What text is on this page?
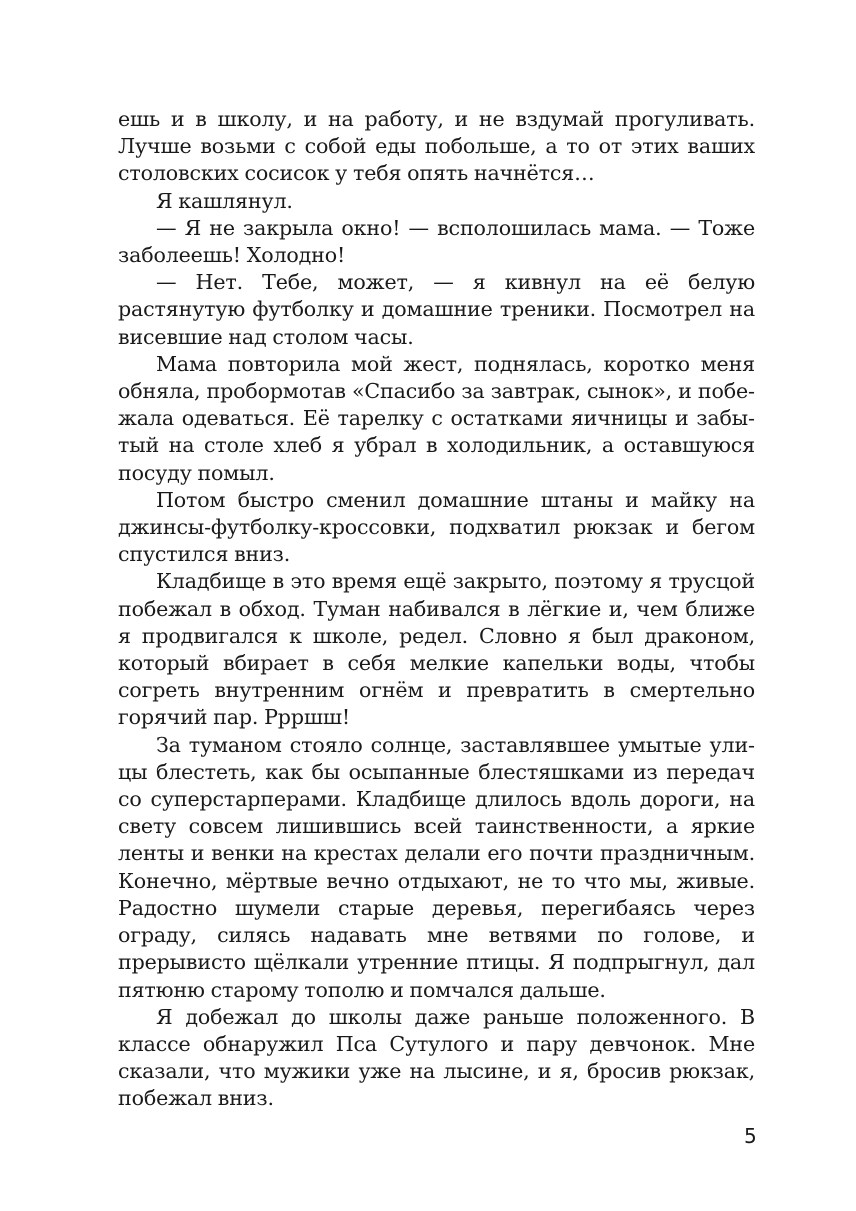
ешь и в школу, и на работу, и не вздумай прогуливать. Лучше возьми с собой еды побольше, а то от этих ваших столовских сосисок у тебя опять начнётся…

Я кашлянул.

— Я не закрыла окно! — всполошилась мама. — Тоже заболеешь! Холодно!

— Нет. Тебе, может, — я кивнул на её белую растянутую футболку и домашние треники. Посмотрел на висевшие над столом часы.

Мама повторила мой жест, поднялась, коротко меня обняла, пробормотав «Спасибо за завтрак, сынок», и побежала одеваться. Её тарелку с остатками яичницы и забытый на столе хлеб я убрал в холодильник, а оставшуюся посуду помыл.

Потом быстро сменил домашние штаны и майку на джинсы-футболку-кроссовки, подхватил рюкзак и бегом спустился вниз.

Кладбище в это время ещё закрыто, поэтому я трусцой побежал в обход. Туман набивался в лёгкие и, чем ближе я продвигался к школе, редел. Словно я был драконом, который вбирает в себя мелкие капельки воды, чтобы согреть внутренним огнём и превратить в смертельно горячий пар. Ррршш!

За туманом стояло солнце, заставлявшее умытые улицы блестеть, как бы осыпанные блестяшками из передач со суперстарперами. Кладбище длилось вдоль дороги, на свету совсем лишившись всей таинственности, а яркие ленты и венки на крестах делали его почти праздничным. Конечно, мёртвые вечно отдыхают, не то что мы, живые. Радостно шумели старые деревья, перегибаясь через ограду, силясь надавать мне ветвями по голове, и прерывисто щёлкали утренние птицы. Я подпрыгнул, дал пятюню старому тополю и помчался дальше.

Я добежал до школы даже раньше положенного. В классе обнаружил Пса Сутулого и пару девчонок. Мне сказали, что мужики уже на лысине, и я, бросив рюкзак, побежал вниз.

5
